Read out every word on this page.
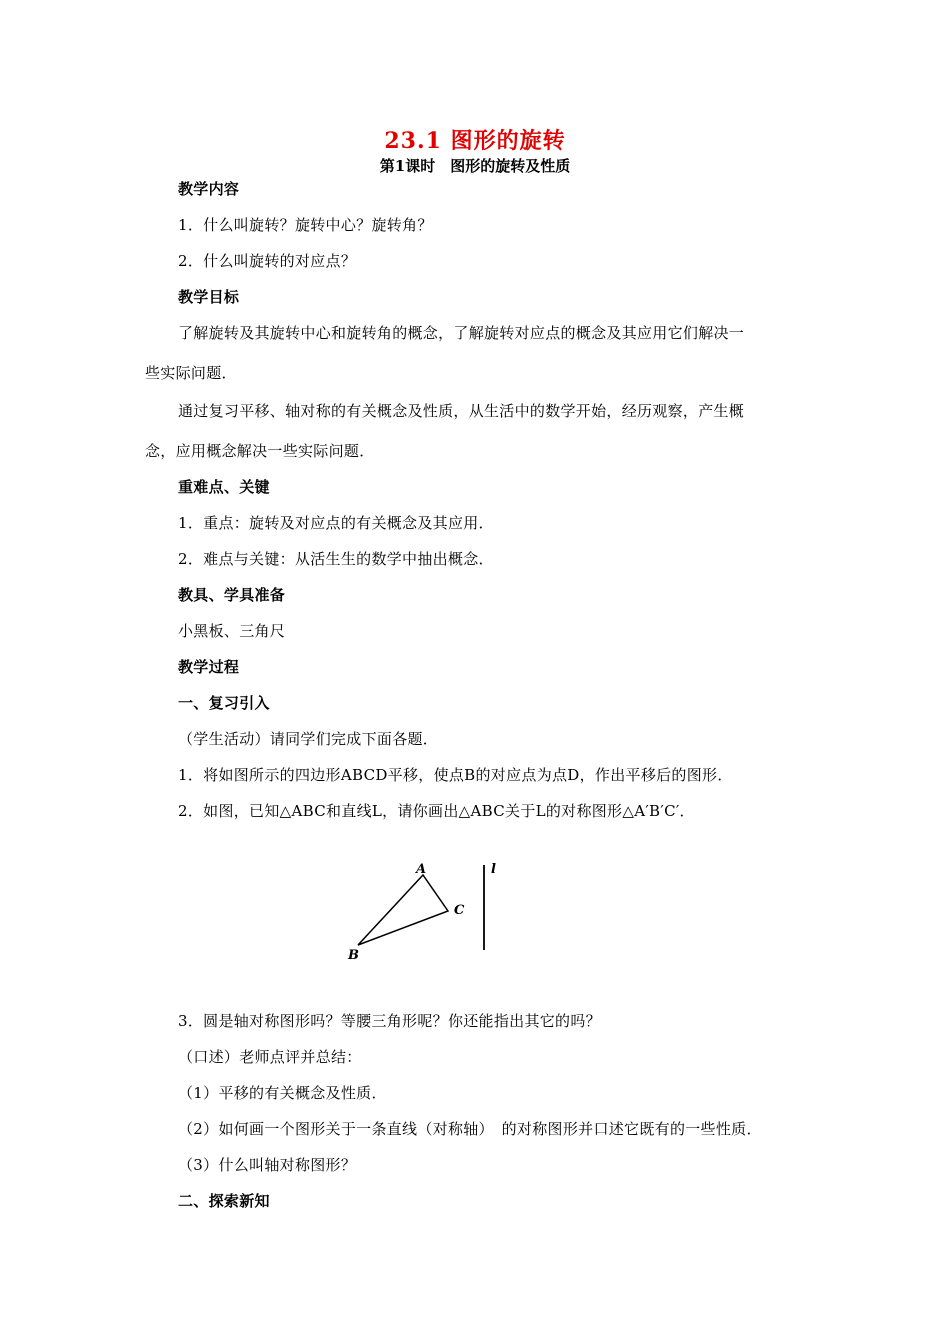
23.1 图形的旋转
第1课时　图形的旋转及性质
教学内容
1．什么叫旋转？旋转中心？旋转角？
2．什么叫旋转的对应点？
教学目标
了解旋转及其旋转中心和旋转角的概念，了解旋转对应点的概念及其应用它们解决一
些实际问题．
通过复习平移、轴对称的有关概念及性质，从生活中的数学开始，经历观察，产生概
念，应用概念解决一些实际问题．
重难点、关键
1．重点：旋转及对应点的有关概念及其应用．
2．难点与关键：从活生生的数学中抽出概念．
教具、学具准备
小黑板、三角尺
教学过程
一、复习引入
（学生活动）请同学们完成下面各题．
1．将如图所示的四边形ABCD平移，使点B的对应点为点D，作出平移后的图形．
2．如图，已知△ABC和直线L，请你画出△ABC关于L的对称图形△A′B′C′．
A
B
C
l
3．圆是轴对称图形吗？等腰三角形呢？你还能指出其它的吗？
（口述）老师点评并总结：
（1）平移的有关概念及性质．
（2）如何画一个图形关于一条直线（对称轴）　的对称图形并口述它既有的一些性质．
（3）什么叫轴对称图形？
二、探索新知
